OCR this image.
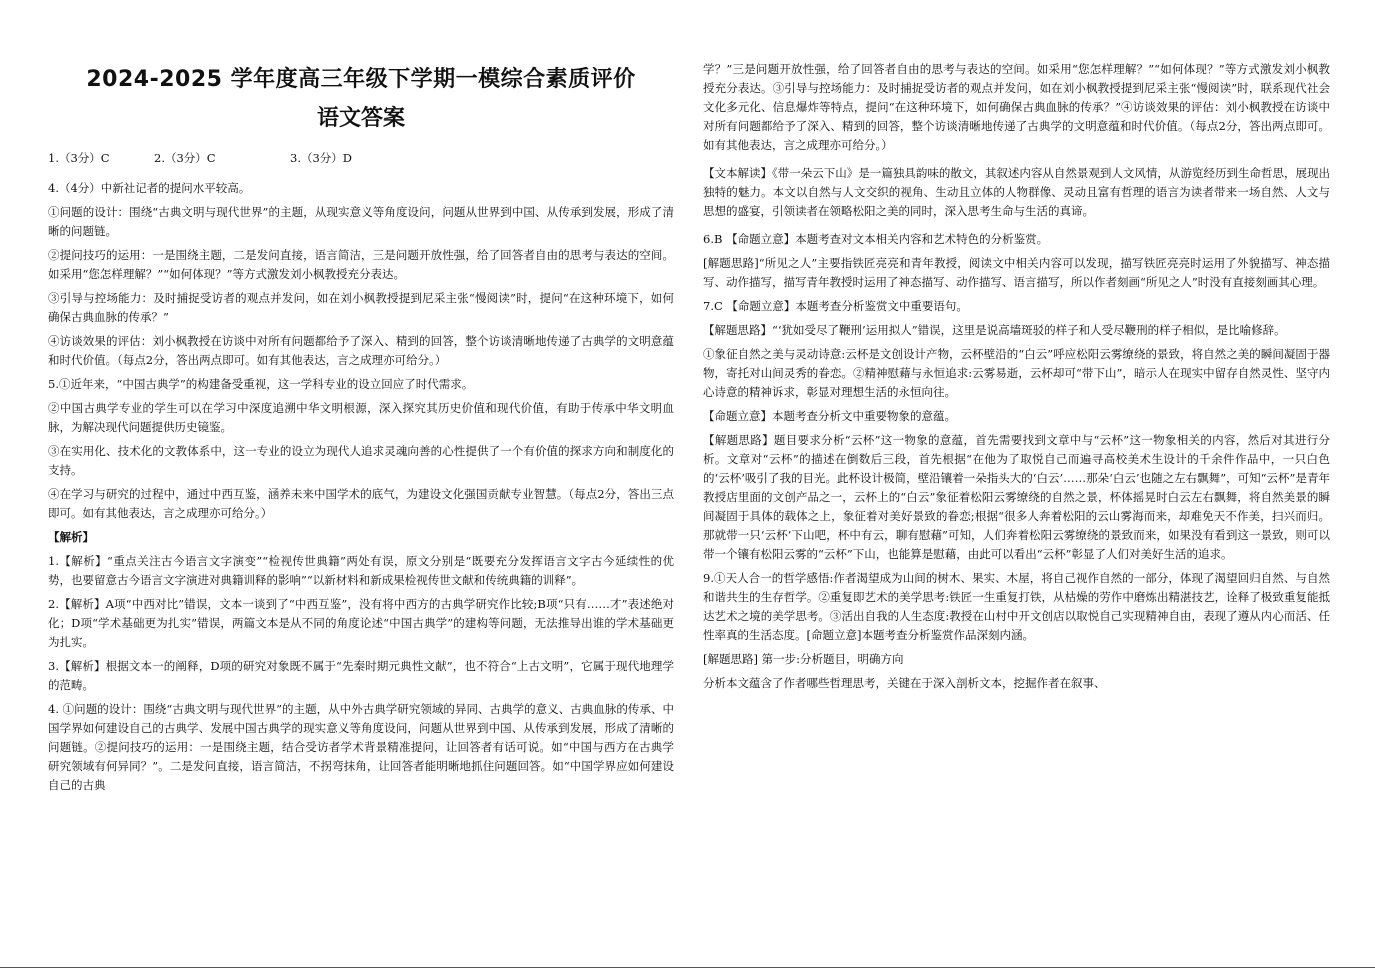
2024-2025 学年度高三年级下学期一模综合素质评价
语文答案
1.（3分）C	2.（3分）C	3.（3分）D

4.（4分）中新社记者的提问水平较高。

①问题的设计：围绕“古典文明与现代世界”的主题，从现实意义等角度设问，问题从世界到中国、从传承到发展，形成了清晰的问题链。

②提问技巧的运用：一是围绕主题，二是发问直接，语言简洁，三是问题开放性强，给了回答者自由的思考与表达的空间。如采用“您怎样理解？”“如何体现？”等方式激发刘小枫教授充分表达。

③引导与控场能力：及时捕捉受访者的观点并发问，如在刘小枫教授提到尼采主张“慢阅读”时，提问“在这种环境下，如何确保古典血脉的传承？”

④访谈效果的评估：刘小枫教授在访谈中对所有问题都给予了深入、精到的回答，整个访谈清晰地传递了古典学的文明意蕴和时代价值。（每点2分，答出两点即可。如有其他表达，言之成理亦可给分。）

5.①近年来，“中国古典学”的构建备受重视，这一学科专业的设立回应了时代需求。

②中国古典学专业的学生可以在学习中深度追溯中华文明根源，深入探究其历史价值和现代价值，有助于传承中华文明血脉，为解决现代问题提供历史镜鉴。

③在实用化、技术化的文教体系中，这一专业的设立为现代人追求灵魂向善的心性提供了一个有价值的探求方向和制度化的支持。

④在学习与研究的过程中，通过中西互鉴，涵养未来中国学术的底气，为建设文化强国贡献专业智慧。（每点2分，答出三点即可。如有其他表达，言之成理亦可给分。）

【解析】

1.【解析】“重点关注古今语言文字演变”“检视传世典籍”两处有误，原文分别是“既要充分发挥语言文字古今延续性的优势，也要留意古今语言文字演进对典籍训释的影响”“以新材料和新成果检视传世文献和传统典籍的训释”。

2.【解析】A项“中西对比”错误，文本一谈到了“中西互鉴”，没有将中西方的古典学研究作比较;B项“只有……才”表述绝对化；D项“学术基础更为扎实”错误，两篇文本是从不同的角度论述“中国古典学”的建构等问题，无法推导出谁的学术基础更为扎实。

3.【解析】根据文本一的阐释，D项的研究对象既不属于“先秦时期元典性文献”，也不符合“上古文明”，它属于现代地理学的范畴。

4. ①问题的设计：围绕“古典文明与现代世界”的主题，从中外古典学研究领域的异同、古典学的意义、古典血脉的传承、中国学界如何建设自己的古典学、发展中国古典学的现实意义等角度设问，问题从世界到中国、从传承到发展，形成了清晰的问题链。②提问技巧的运用：一是围绕主题，结合受访者学术背景精准提问，让回答者有话可说。如“中国与西方在古典学研究领域有何异同？”。二是发问直接，语言简洁，不拐弯抹角，让回答者能明晰地抓住问题回答。如“中国学界应如何建设自己的古典

学？”三是问题开放性强，给了回答者自由的思考与表达的空间。如采用“您怎样理解？”“如何体现？”等方式激发刘小枫教授充分表达。③引导与控场能力：及时捕捉受访者的观点并发问，如在刘小枫教授提到尼采主张“慢阅读”时，联系现代社会文化多元化、信息爆炸等特点，提问“在这种环境下，如何确保古典血脉的传承？”④访谈效果的评估：刘小枫教授在访谈中对所有问题都给予了深入、精到的回答，整个访谈清晰地传递了古典学的文明意蕴和时代价值。（每点2分，答出两点即可。如有其他表达，言之成理亦可给分。）

【文本解读】《带一朵云下山》是一篇独具韵味的散文，其叙述内容从自然景观到人文风情，从游览经历到生命哲思，展现出独特的魅力。本文以自然与人文交织的视角、生动且立体的人物群像、灵动且富有哲理的语言为读者带来一场自然、人文与思想的盛宴，引领读者在领略松阳之美的同时，深入思考生命与生活的真谛。

6.B 【命题立意】本题考查对文本相关内容和艺术特色的分析鉴赏。

[解题思路]“所见之人”主要指铁匠亮亮和青年教授，阅读文中相关内容可以发现，描写铁匠亮亮时运用了外貌描写、神态描写、动作描写，描写青年教授时运用了神态描写、动作描写、语言描写，所以作者刻画“所见之人”时没有直接刻画其心理。

7.C 【命题立意】本题考查分析鉴赏文中重要语句。

【解题思路】“‘犹如受尽了鞭刑’运用拟人”错误，这里是说高墙斑驳的样子和人受尽鞭刑的样子相似，是比喻修辞。

①象征自然之美与灵动诗意:云杯是文创设计产物，云杯壁沿的“白云”呼应松阳云雾缭绕的景致，将自然之美的瞬间凝固于器物，寄托对山间灵秀的眷恋。②精神慰藉与永恒追求:云雾易逝，云杯却可“带下山”，暗示人在现实中留存自然灵性、坚守内心诗意的精神诉求，彰显对理想生活的永恒向往。

【命题立意】本题考查分析文中重要物象的意蕴。

【解题思路】题目要求分析“云杯”这一物象的意蕴，首先需要找到文章中与“云杯”这一物象相关的内容，然后对其进行分析。文章对“云杯”的描述在倒数后三段，首先根据“在他为了取悦自己而遍寻高校美术生设计的千余件作品中，一只白色的‘云杯’吸引了我的目光。此杯设计极简，壁沿镶着一朵指头大的‘白云’……那朵‘白云’也随之左右飘舞”，可知“云杯”是青年教授店里面的文创产品之一，云杯上的“白云”象征着松阳云雾缭绕的自然之景，杯体摇晃时白云左右飘舞，将自然美景的瞬间凝固于具体的载体之上，象征着对美好景致的眷恋;根据“很多人奔着松阳的云山雾海而来，却难免天不作美，扫兴而归。那就带一只‘云杯’下山吧，杯中有云，聊有慰藉”可知，人们奔着松阳云雾缭绕的景致而来，如果没有看到这一景致，则可以带一个镶有松阳云雾的“云杯”下山，也能算是慰藉，由此可以看出“云杯”彰显了人们对美好生活的追求。

9.①天人合一的哲学感悟:作者渴望成为山间的树木、果实、木屋，将自己视作自然的一部分，体现了渴望回归自然、与自然和谐共生的生存哲学。②重复即艺术的美学思考:铁匠一生重复打铁，从枯燥的劳作中磨炼出精湛技艺，诠释了极致重复能抵达艺术之境的美学思考。③活出自我的人生态度:教授在山村中开文创店以取悦自己实现精神自由，表现了遵从内心而活、任性率真的生活态度。[命题立意]本题考查分析鉴赏作品深刻内涵。

[解题思路] 第一步:分析题目，明确方向

分析本文蕴含了作者哪些哲理思考，关键在于深入剖析文本，挖掘作者在叙事、
